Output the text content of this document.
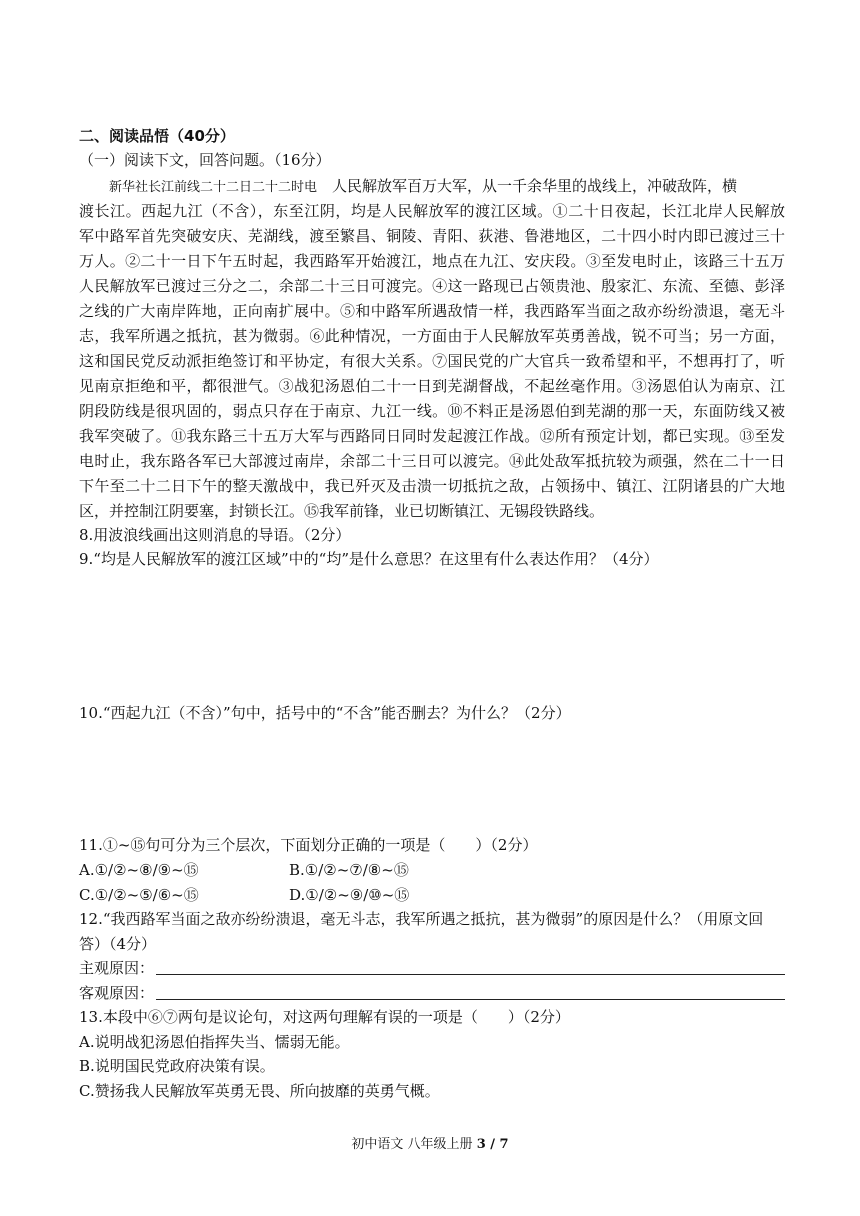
二、阅读品悟（40分）
（一）阅读下文，回答问题。（16分）
新华社长江前线二十二日二十二时电 人民解放军百万大军，从一千余华里的战线上，冲破敌阵，横
渡长江。西起九江（不含），东至江阴，均是人民解放军的渡江区域。①二十日夜起，长江北岸人民解放
军中路军首先突破安庆、芜湖线，渡至繁昌、铜陵、青阳、荻港、鲁港地区，二十四小时内即已渡过三十
万人。②二十一日下午五时起，我西路军开始渡江，地点在九江、安庆段。③至发电时止，该路三十五万
人民解放军已渡过三分之二，余部二十三日可渡完。④这一路现已占领贵池、殷家汇、东流、至德、彭泽
之线的广大南岸阵地，正向南扩展中。⑤和中路军所遇敌情一样，我西路军当面之敌亦纷纷溃退，毫无斗
志，我军所遇之抵抗，甚为微弱。⑥此种情况，一方面由于人民解放军英勇善战，锐不可当；另一方面，
这和国民党反动派拒绝签订和平协定，有很大关系。⑦国民党的广大官兵一致希望和平，不想再打了，听
见南京拒绝和平，都很泄气。③战犯汤恩伯二十一日到芜湖督战，不起丝毫作用。③汤恩伯认为南京、江
阴段防线是很巩固的，弱点只存在于南京、九江一线。⑩不料正是汤恩伯到芜湖的那一天，东面防线又被
我军突破了。⑪我东路三十五万大军与西路同日同时发起渡江作战。⑫所有预定计划，都已实现。⑬至发
电时止，我东路各军已大部渡过南岸，余部二十三日可以渡完。⑭此处敌军抵抗较为顽强，然在二十一日
下午至二十二日下午的整天激战中，我已歼灭及击溃一切抵抗之敌，占领扬中、镇江、江阴诸县的广大地
区，并控制江阴要塞，封锁长江。⑮我军前锋，业已切断镇江、无锡段铁路线。
8.用波浪线画出这则消息的导语。（2分）
9.“均是人民解放军的渡江区域”中的“均”是什么意思？在这里有什么表达作用？（4分）
10.“西起九江（不含）”句中，括号中的“不含”能否删去？为什么？（2分）
11.①~⑮句可分为三个层次，下面划分正确的一项是（　　）（2分）
A.①/②~⑧/⑨~⑮	B.①/②~⑦/⑧~⑮
C.①/②~⑤/⑥~⑮	D.①/②~⑨/⑩~⑮
12.“我西路军当面之敌亦纷纷溃退，毫无斗志，我军所遇之抵抗，甚为微弱”的原因是什么？（用原文回
答）（4分）
主观原因：
客观原因：
13.本段中⑥⑦两句是议论句，对这两句理解有误的一项是（　　）（2分）
A.说明战犯汤恩伯指挥失当、懦弱无能。
B.说明国民党政府决策有误。
C.赞扬我人民解放军英勇无畏、所向披靡的英勇气概。
初中语文 八年级上册 3 / 7
